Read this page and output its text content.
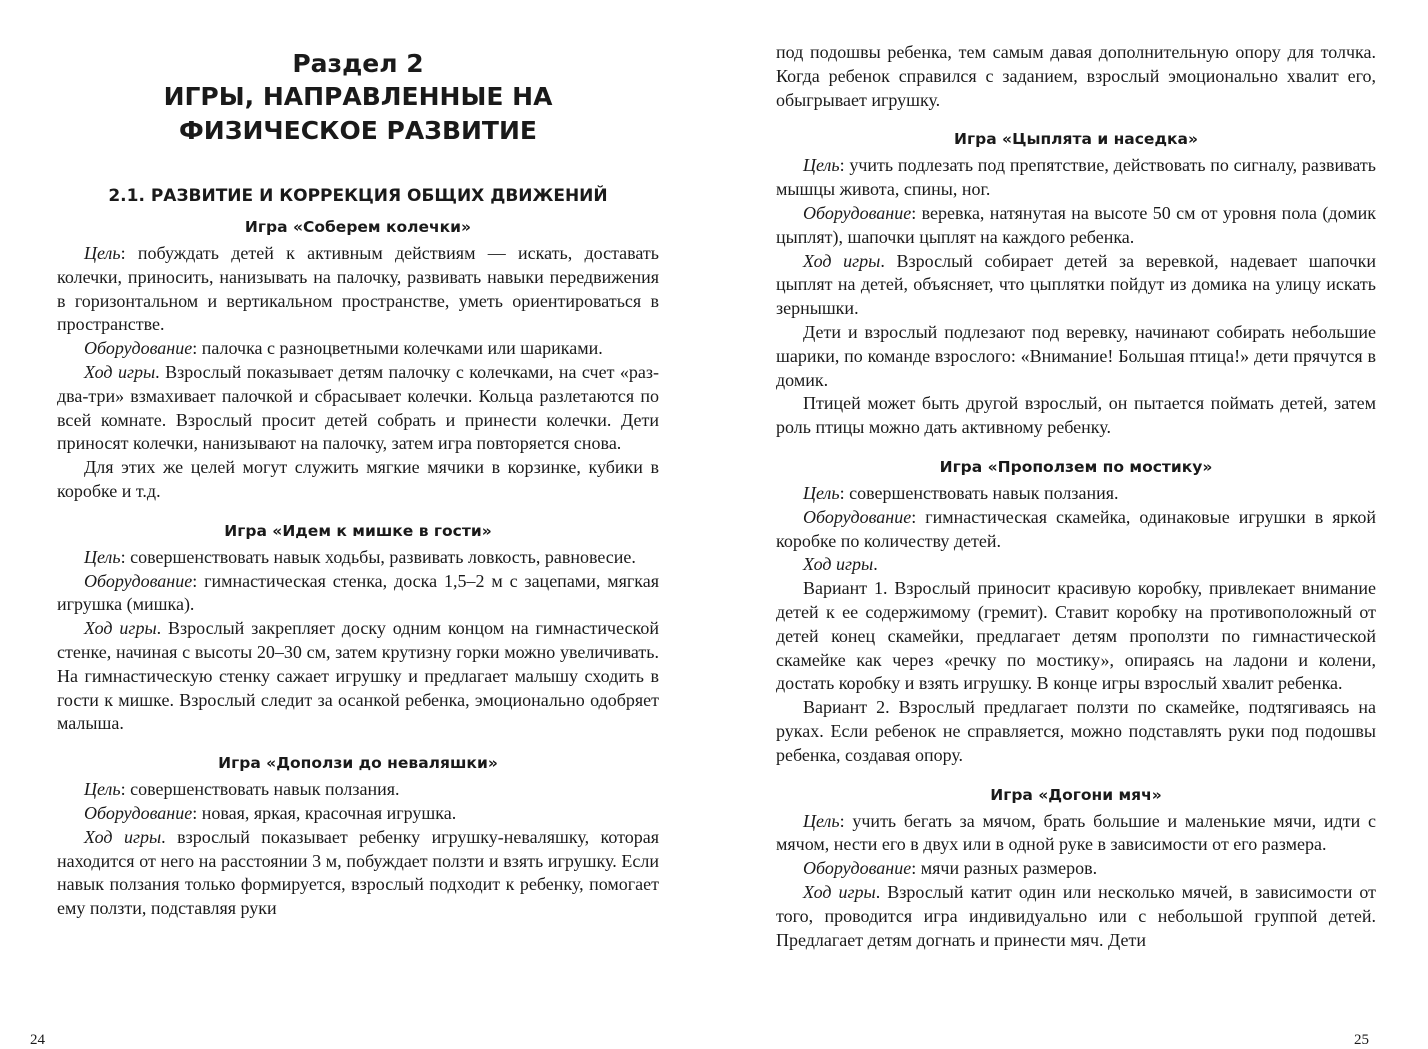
Раздел 2
ИГРЫ, НАПРАВЛЕННЫЕ НА ФИЗИЧЕСКОЕ РАЗВИТИЕ
2.1. РАЗВИТИЕ И КОРРЕКЦИЯ ОБЩИХ ДВИЖЕНИЙ
Игра «Соберем колечки»

Цель: побуждать детей к активным действиям — искать, доставать колечки, приносить, нанизывать на палочку, развивать навыки передвижения в горизонтальном и вертикальном пространстве, уметь ориентироваться в пространстве.

Оборудование: палочка с разноцветными колечками или шариками.

Ход игры. Взрослый показывает детям палочку с колечками, на счет «раз-два-три» взмахивает палочкой и сбрасывает колечки. Кольца разлетаются по всей комнате. Взрослый просит детей собрать и принести колечки. Дети приносят колечки, нанизывают на палочку, затем игра повторяется снова.

Для этих же целей могут служить мягкие мячики в корзинке, кубики в коробке и т.д.

Игра «Идем к мишке в гости»

Цель: совершенствовать навык ходьбы, развивать ловкость, равновесие.

Оборудование: гимнастическая стенка, доска 1,5–2 м с зацепами, мягкая игрушка (мишка).

Ход игры. Взрослый закрепляет доску одним концом на гимнастической стенке, начиная с высоты 20–30 см, затем крутизну горки можно увеличивать. На гимнастическую стенку сажает игрушку и предлагает малышу сходить в гости к мишке. Взрослый следит за осанкой ребенка, эмоционально одобряет малыша.

Игра «Доползи до неваляшки»

Цель: совершенствовать навык ползания.

Оборудование: новая, яркая, красочная игрушка.

Ход игры. взрослый показывает ребенку игрушку-неваляшку, которая находится от него на расстоянии 3 м, побуждает ползти и взять игрушку. Если навык ползания только формируется, взрослый подходит к ребенку, помогает ему ползти, подставляя руки

под подошвы ребенка, тем самым давая дополнительную опору для толчка. Когда ребенок справился с заданием, взрослый эмоционально хвалит его, обыгрывает игрушку.

Игра «Цыплята и наседка»

Цель: учить подлезать под препятствие, действовать по сигналу, развивать мышцы живота, спины, ног.

Оборудование: веревка, натянутая на высоте 50 см от уровня пола (домик цыплят), шапочки цыплят на каждого ребенка.

Ход игры. Взрослый собирает детей за веревкой, надевает шапочки цыплят на детей, объясняет, что цыплятки пойдут из домика на улицу искать зернышки.

Дети и взрослый подлезают под веревку, начинают собирать небольшие шарики, по команде взрослого: «Внимание! Большая птица!» дети прячутся в домик.

Птицей может быть другой взрослый, он пытается поймать детей, затем роль птицы можно дать активному ребенку.

Игра «Проползем по мостику»

Цель: совершенствовать навык ползания.

Оборудование: гимнастическая скамейка, одинаковые игрушки в яркой коробке по количеству детей.

Ход игры.

Вариант 1. Взрослый приносит красивую коробку, привлекает внимание детей к ее содержимому (гремит). Ставит коробку на противоположный от детей конец скамейки, предлагает детям проползти по гимнастической скамейке как через «речку по мостику», опираясь на ладони и колени, достать коробку и взять игрушку. В конце игры взрослый хвалит ребенка.

Вариант 2. Взрослый предлагает ползти по скамейке, подтягиваясь на руках. Если ребенок не справляется, можно подставлять руки под подошвы ребенка, создавая опору.

Игра «Догони мяч»

Цель: учить бегать за мячом, брать большие и маленькие мячи, идти с мячом, нести его в двух или в одной руке в зависимости от его размера.

Оборудование: мячи разных размеров.

Ход игры. Взрослый катит один или несколько мячей, в зависимости от того, проводится игра индивидуально или с небольшой группой детей. Предлагает детям догнать и принести мяч. Дети

24	25
